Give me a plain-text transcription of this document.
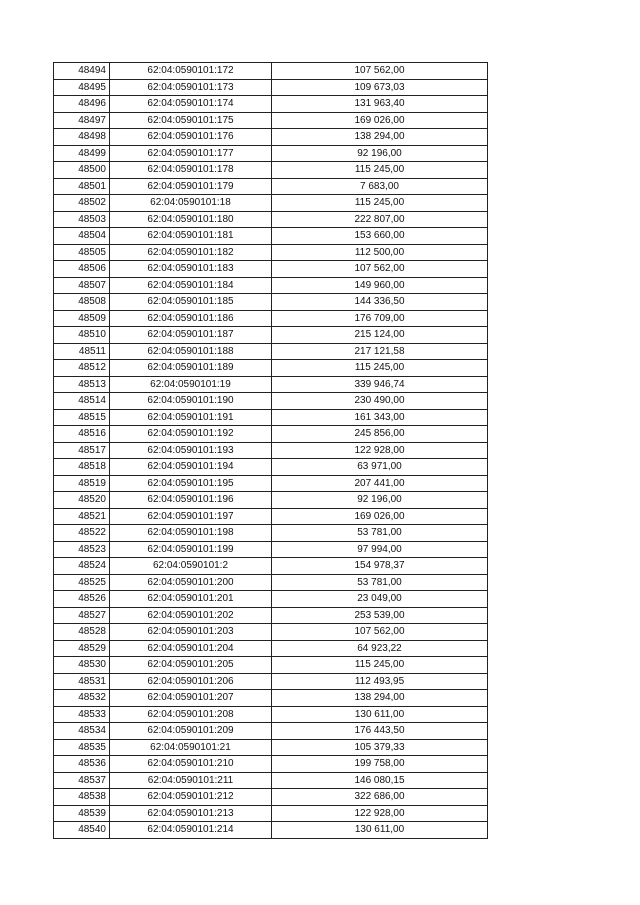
48494	62:04:0590101:172	107 562,00
48495	62:04:0590101:173	109 673,03
48496	62:04:0590101:174	131 963,40
48497	62:04:0590101:175	169 026,00
48498	62:04:0590101:176	138 294,00
48499	62:04:0590101:177	92 196,00
48500	62:04:0590101:178	115 245,00
48501	62:04:0590101:179	7 683,00
48502	62:04:0590101:18	115 245,00
48503	62:04:0590101:180	222 807,00
48504	62:04:0590101:181	153 660,00
48505	62:04:0590101:182	112 500,00
48506	62:04:0590101:183	107 562,00
48507	62:04:0590101:184	149 960,00
48508	62:04:0590101:185	144 336,50
48509	62:04:0590101:186	176 709,00
48510	62:04:0590101:187	215 124,00
48511	62:04:0590101:188	217 121,58
48512	62:04:0590101:189	115 245,00
48513	62:04:0590101:19	339 946,74
48514	62:04:0590101:190	230 490,00
48515	62:04:0590101:191	161 343,00
48516	62:04:0590101:192	245 856,00
48517	62:04:0590101:193	122 928,00
48518	62:04:0590101:194	63 971,00
48519	62:04:0590101:195	207 441,00
48520	62:04:0590101:196	92 196,00
48521	62:04:0590101:197	169 026,00
48522	62:04:0590101:198	53 781,00
48523	62:04:0590101:199	97 994,00
48524	62:04:0590101:2	154 978,37
48525	62:04:0590101:200	53 781,00
48526	62:04:0590101:201	23 049,00
48527	62:04:0590101:202	253 539,00
48528	62:04:0590101:203	107 562,00
48529	62:04:0590101:204	64 923,22
48530	62:04:0590101:205	115 245,00
48531	62:04:0590101:206	112 493,95
48532	62:04:0590101:207	138 294,00
48533	62:04:0590101:208	130 611,00
48534	62:04:0590101:209	176 443,50
48535	62:04:0590101:21	105 379,33
48536	62:04:0590101:210	199 758,00
48537	62:04:0590101:211	146 080,15
48538	62:04:0590101:212	322 686,00
48539	62:04:0590101:213	122 928,00
48540	62:04:0590101:214	130 611,00
